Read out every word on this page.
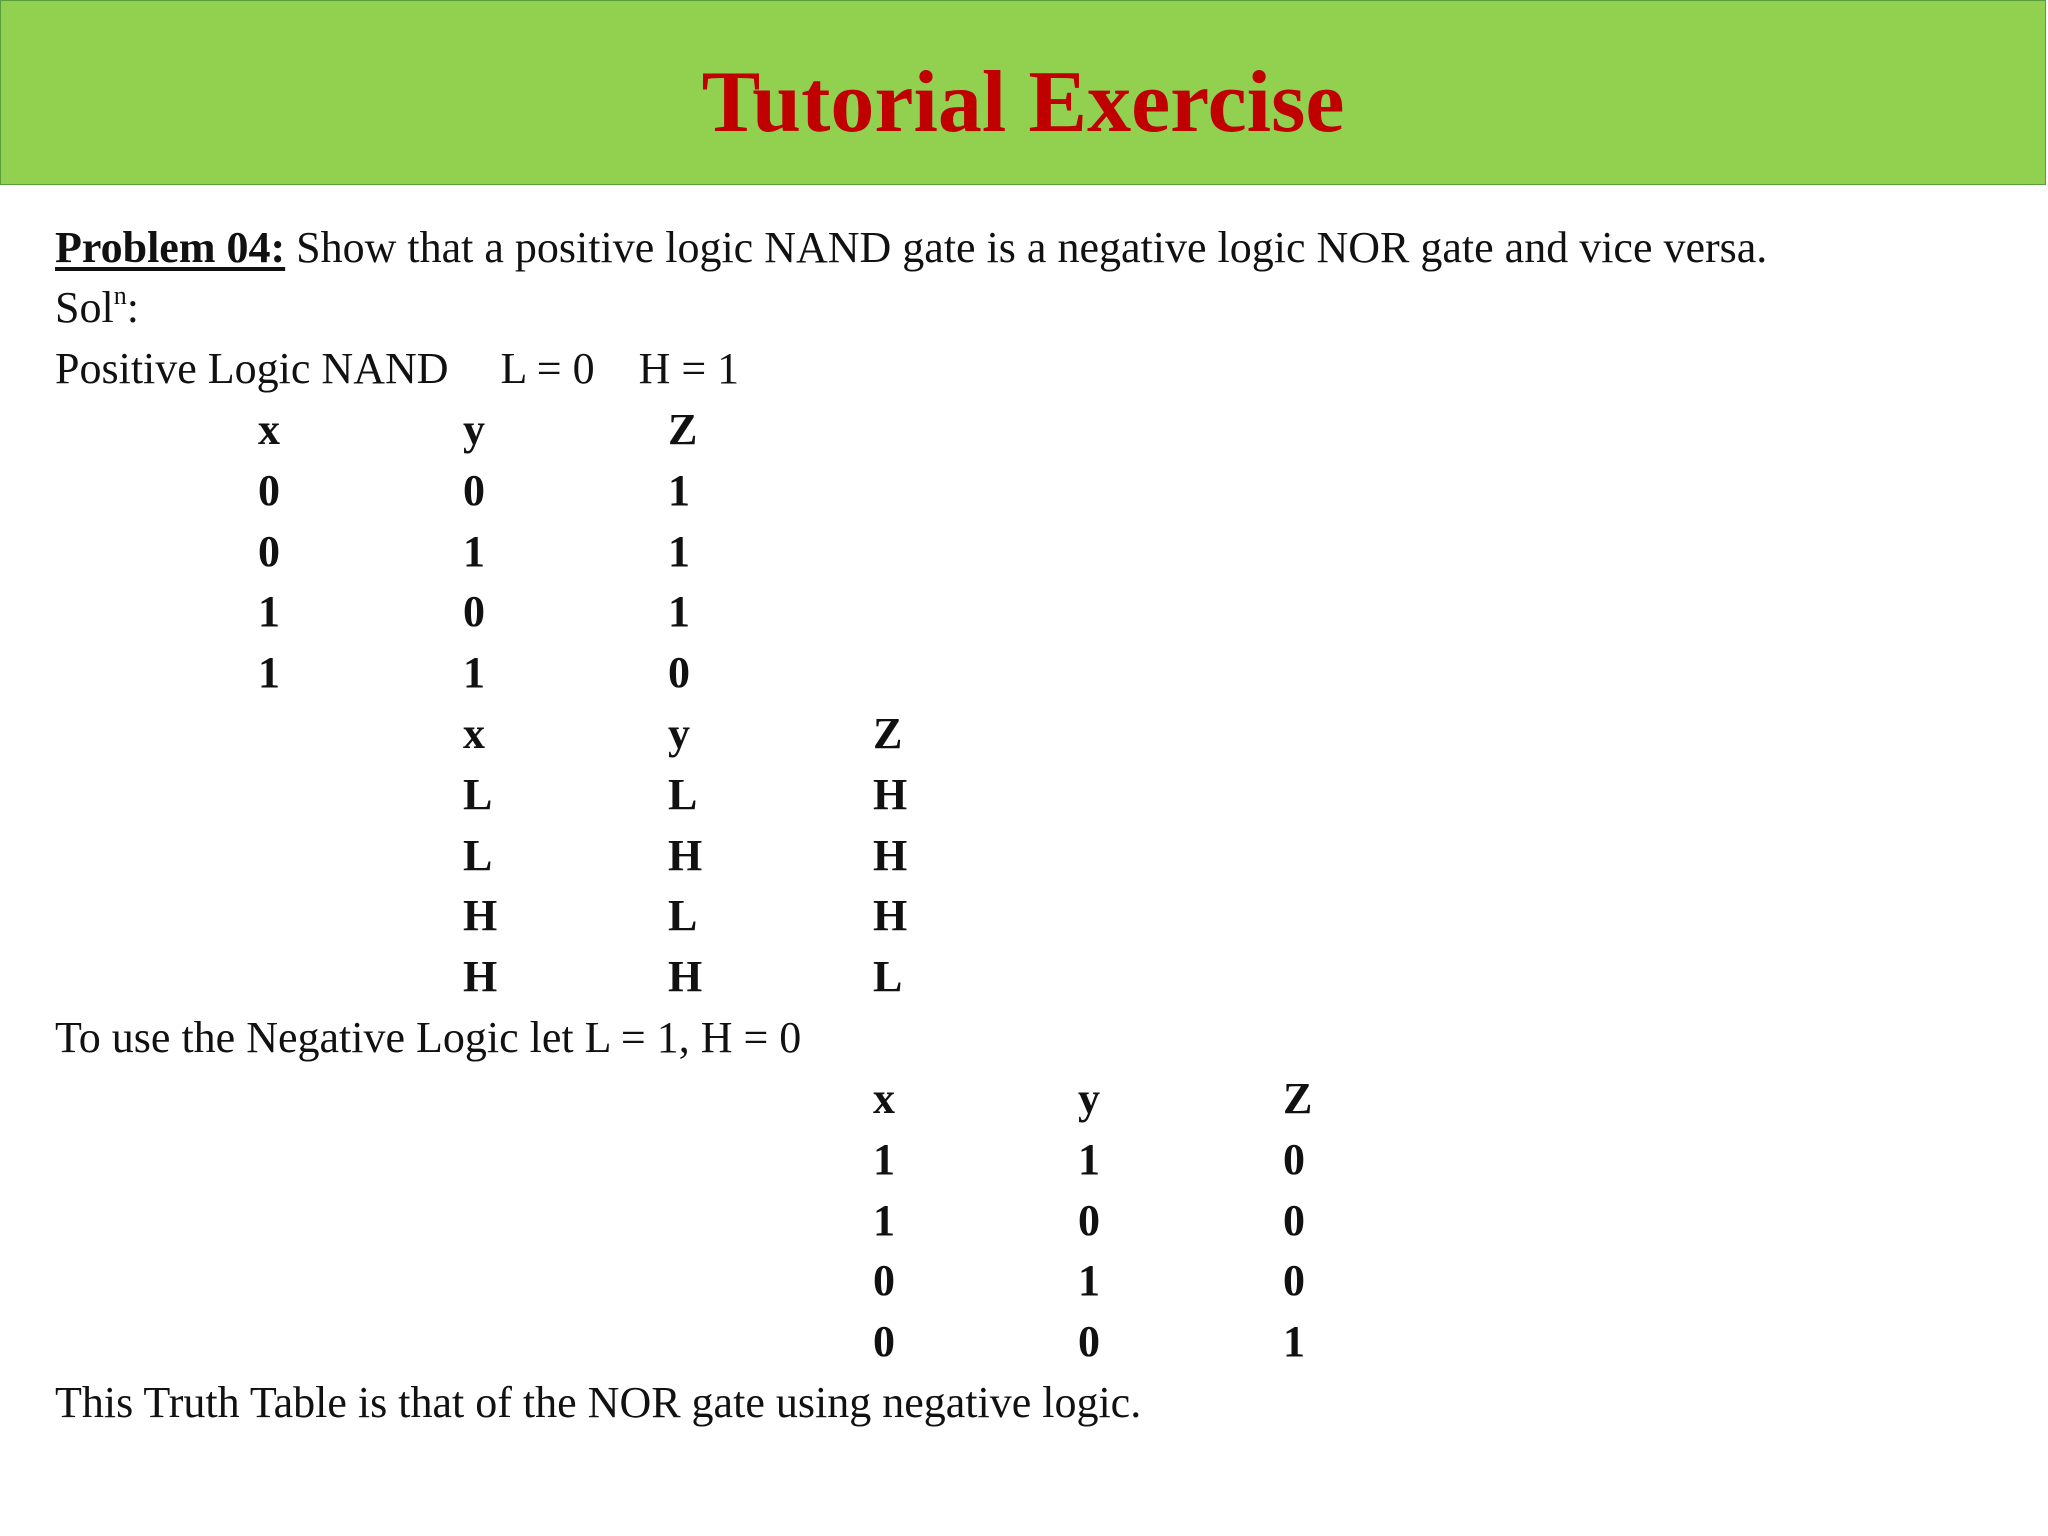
Tutorial Exercise
Problem 04: Show that a positive logic NAND gate is a negative logic NOR gate and vice versa.
Sol$^n$:
Positive Logic NAND L = 0 H = 1
x	y	Z
0	0	1
0	1	1
1	0	1
1	1	0
x	y	Z
L	L	H
L	H	H
H	L	H
H	H	L
To use the Negative Logic let L = 1, H = 0
x	y	Z
1	1	0
1	0	0
0	1	0
0	0	1
This Truth Table is that of the NOR gate using negative logic.
